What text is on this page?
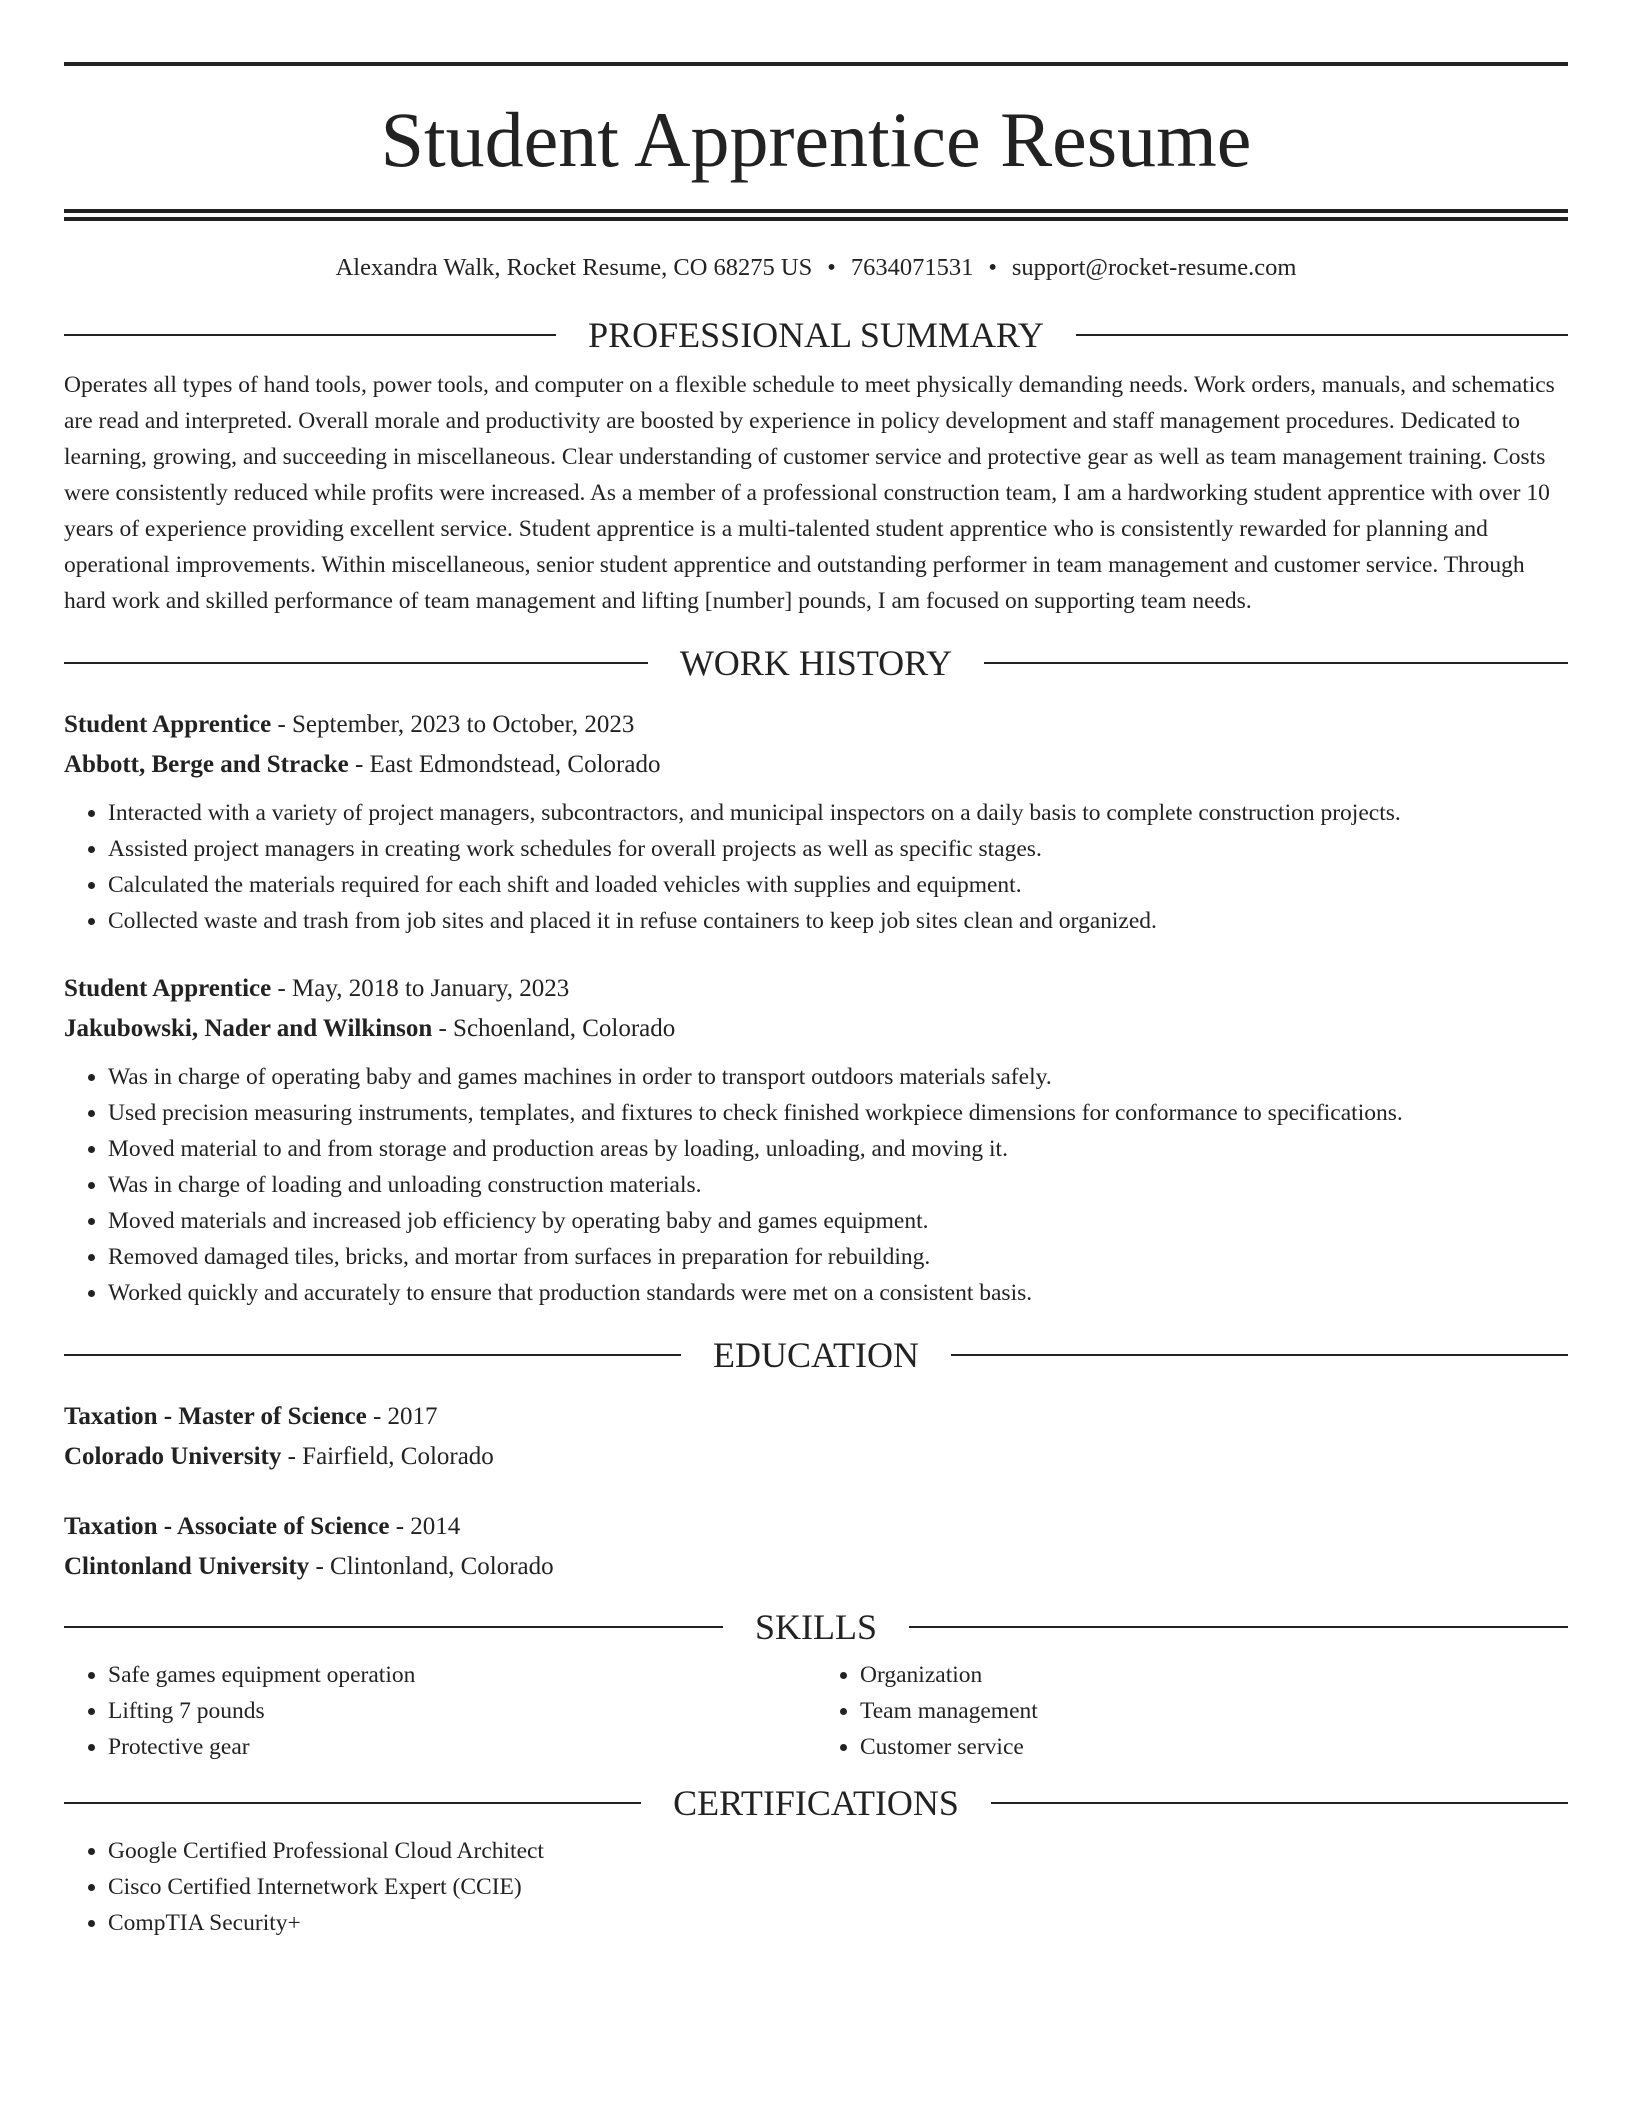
Student Apprentice Resume
Alexandra Walk, Rocket Resume, CO 68275 US • 7634071531 • support@rocket-resume.com
PROFESSIONAL SUMMARY

Operates all types of hand tools, power tools, and computer on a flexible schedule to meet physically demanding needs. Work orders, manuals, and schematics are read and interpreted. Overall morale and productivity are boosted by experience in policy development and staff management procedures. Dedicated to learning, growing, and succeeding in miscellaneous. Clear understanding of customer service and protective gear as well as team management training. Costs were consistently reduced while profits were increased. As a member of a professional construction team, I am a hardworking student apprentice with over 10 years of experience providing excellent service. Student apprentice is a multi-talented student apprentice who is consistently rewarded for planning and operational improvements. Within miscellaneous, senior student apprentice and outstanding performer in team management and customer service. Through hard work and skilled performance of team management and lifting [number] pounds, I am focused on supporting team needs.

WORK HISTORY
Student Apprentice - September, 2023 to October, 2023
Abbott, Berge and Stracke - East Edmondstead, Colorado
• Interacted with a variety of project managers, subcontractors, and municipal inspectors on a daily basis to complete construction projects.
• Assisted project managers in creating work schedules for overall projects as well as specific stages.
• Calculated the materials required for each shift and loaded vehicles with supplies and equipment.
• Collected waste and trash from job sites and placed it in refuse containers to keep job sites clean and organized.
Student Apprentice - May, 2018 to January, 2023
Jakubowski, Nader and Wilkinson - Schoenland, Colorado
• Was in charge of operating baby and games machines in order to transport outdoors materials safely.
• Used precision measuring instruments, templates, and fixtures to check finished workpiece dimensions for conformance to specifications.
• Moved material to and from storage and production areas by loading, unloading, and moving it.
• Was in charge of loading and unloading construction materials.
• Moved materials and increased job efficiency by operating baby and games equipment.
• Removed damaged tiles, bricks, and mortar from surfaces in preparation for rebuilding.
• Worked quickly and accurately to ensure that production standards were met on a consistent basis.
EDUCATION
Taxation - Master of Science - 2017
Colorado University - Fairfield, Colorado
Taxation - Associate of Science - 2014
Clintonland University - Clintonland, Colorado
SKILLS
• Safe games equipment operation
• Lifting 7 pounds
• Protective gear
• Organization
• Team management
• Customer service
CERTIFICATIONS
• Google Certified Professional Cloud Architect
• Cisco Certified Internetwork Expert (CCIE)
• CompTIA Security+
